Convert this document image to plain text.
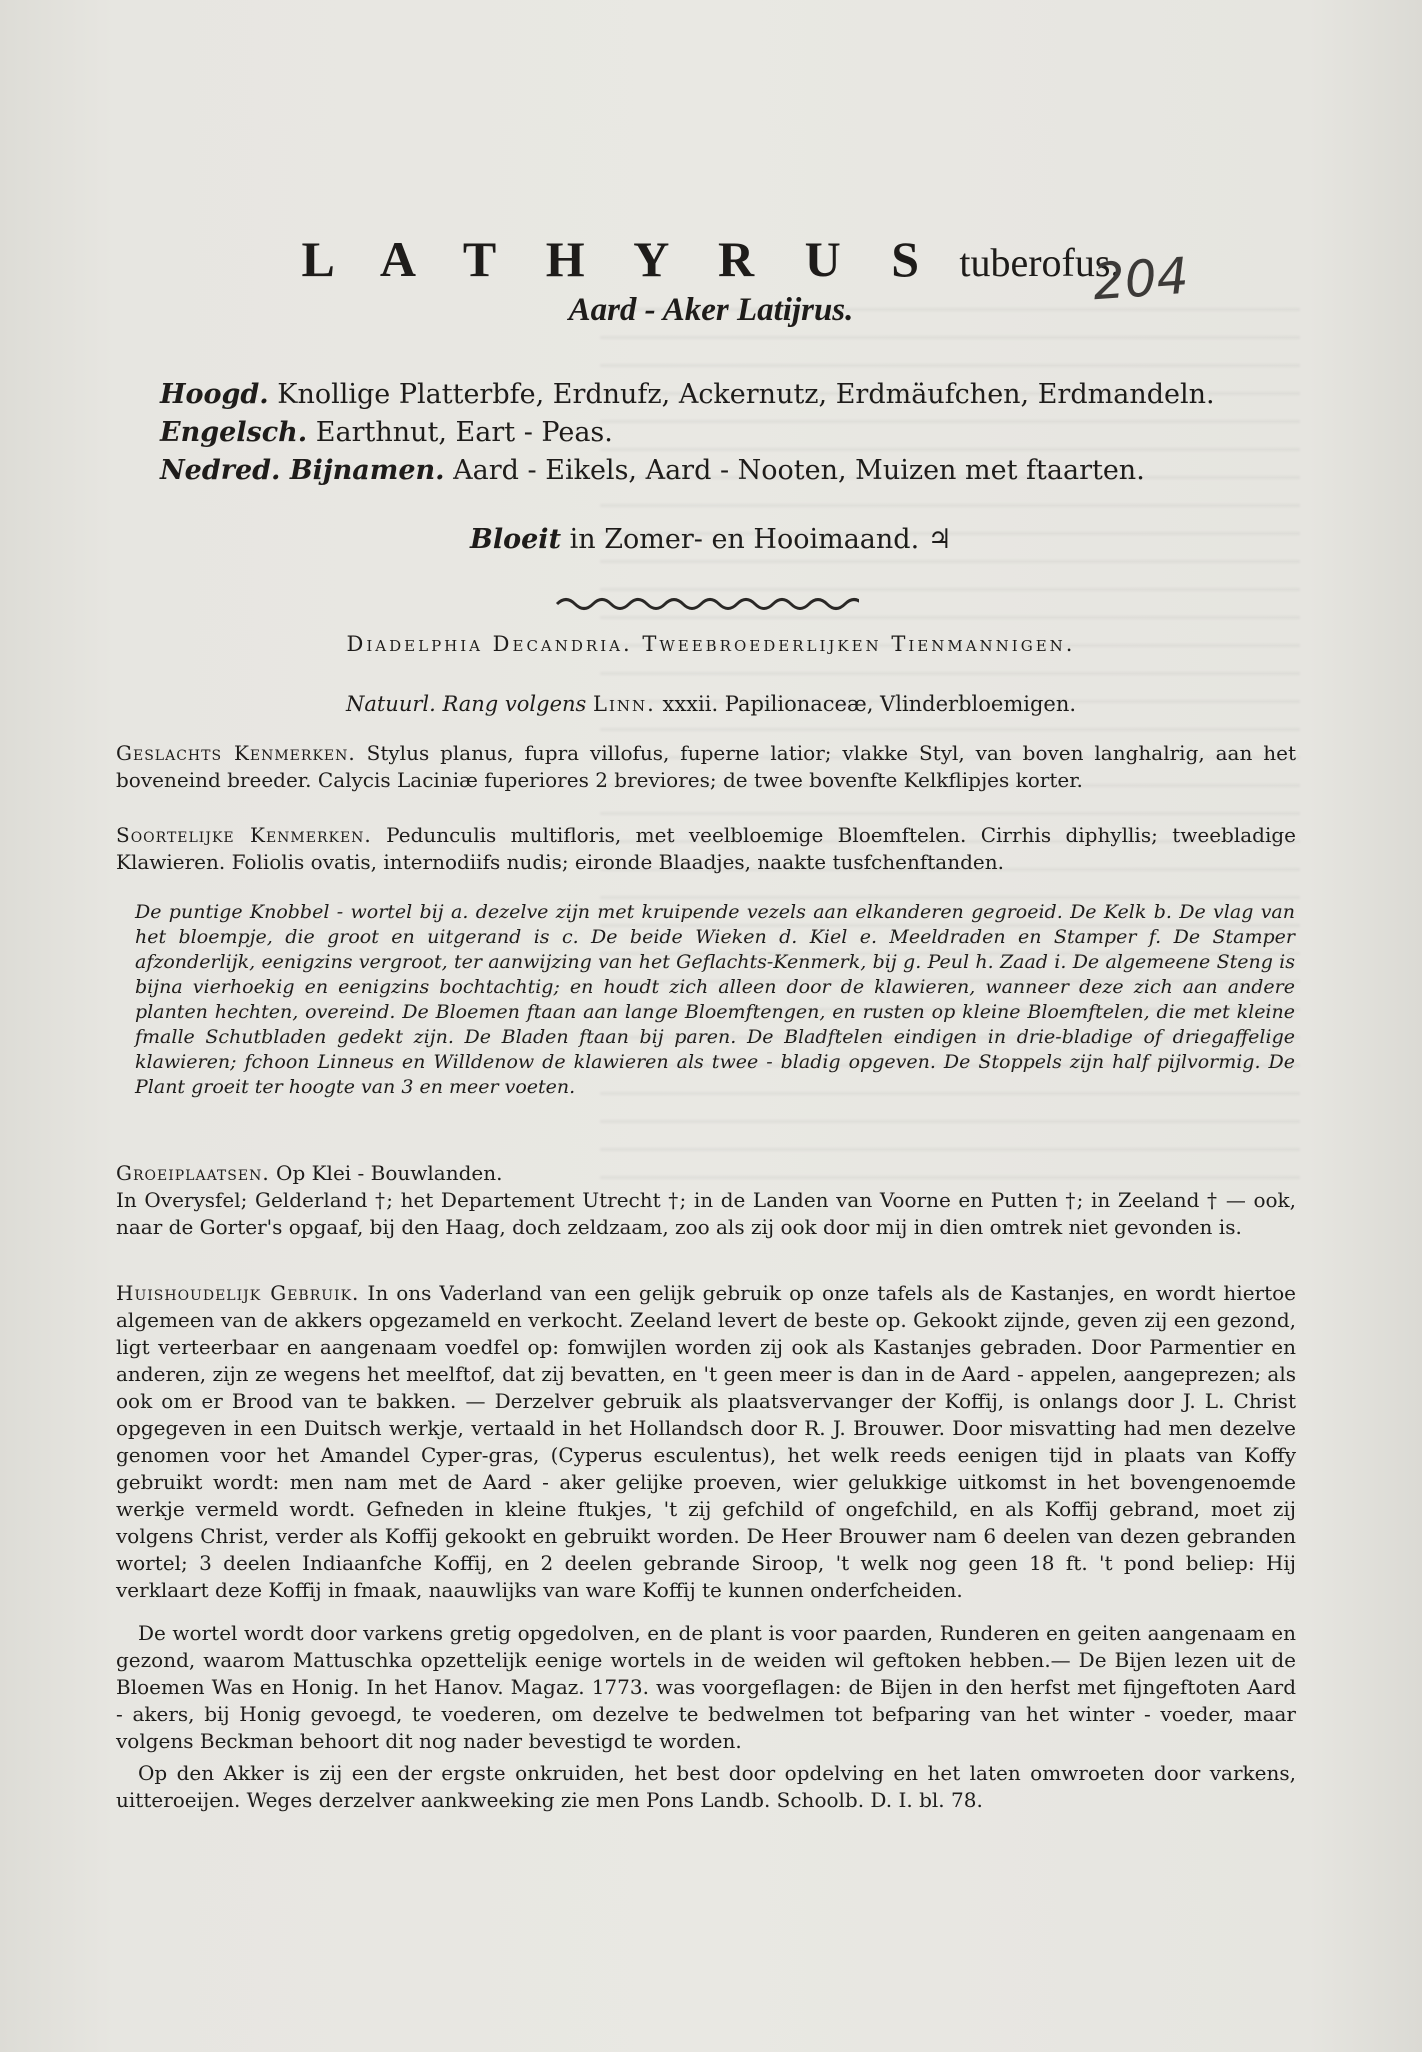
L A T H Y R U S tuberofus.
Aard - Aker Latijrus.	204
Hoogd. Knollige Platterbfe, Erdnufz, Ackernutz, Erdmäufchen, Erdmandeln.
Engelsch. Earthnut, Eart - Peas.
Nedred. Bijnamen. Aard - Eikels, Aard - Nooten, Muizen met ftaarten.
Bloeit in Zomer- en Hooimaand. ♃
Diadelphia Decandria. Tweebroederlijken Tienmannigen.
Natuurl. Rang volgens Linn. xxxii. Papilionaceæ, Vlinderbloemigen.
Geslachts Kenmerken. Stylus planus, fupra villofus, fuperne latior; vlakke Styl, van boven langhalrig, aan het boveneind breeder. Calycis Laciniæ fuperiores 2 breviores; de twee bovenfte Kelkflipjes korter.
Soortelijke Kenmerken. Pedunculis multifloris, met veelbloemige Bloemftelen. Cirrhis diphyllis; tweebladige Klawieren. Foliolis ovatis, internodiifs nudis; eironde Blaadjes, naakte tusfchenftanden.
De puntige Knobbel - wortel bij a. dezelve zijn met kruipende vezels aan elkanderen gegroeid. De Kelk b. De vlag van het bloempje, die groot en uitgerand is c. De beide Wieken d. Kiel e. Meeldraden en Stamper f. De Stamper afzonderlijk, eenigzins vergroot, ter aanwijzing van het Geflachts-Kenmerk, bij g. Peul h. Zaad i. De algemeene Steng is bijna vierhoekig en eenigzins bochtachtig; en houdt zich alleen door de klawieren, wanneer deze zich aan andere planten hechten, overeind. De Bloemen ftaan aan lange Bloemftengen, en rusten op kleine Bloemftelen, die met kleine fmalle Schutbladen gedekt zijn. De Bladen ftaan bij paren. De Bladftelen eindigen in drie-bladige of driegaffelige klawieren; fchoon Linneus en Willdenow de klawieren als twee - bladig opgeven. De Stoppels zijn half pijlvormig. De Plant groeit ter hoogte van 3 en meer voeten.

Groeiplaatsen. Op Klei - Bouwlanden.

In Overysfel; Gelderland †; het Departement Utrecht †; in de Landen van Voorne en Putten †; in Zeeland † — ook, naar de Gorter's opgaaf, bij den Haag, doch zeldzaam, zoo als zij ook door mij in dien omtrek niet gevonden is.

Huishoudelijk Gebruik. In ons Vaderland van een gelijk gebruik op onze tafels als de Kastanjes, en wordt hiertoe algemeen van de akkers opgezameld en verkocht. Zeeland levert de beste op. Gekookt zijnde, geven zij een gezond, ligt verteerbaar en aangenaam voedfel op: fomwijlen worden zij ook als Kastanjes gebraden. Door Parmentier en anderen, zijn ze wegens het meelftof, dat zij bevatten, en 't geen meer is dan in de Aard - appelen, aangeprezen; als ook om er Brood van te bakken. — Derzelver gebruik als plaatsvervanger der Koffij, is onlangs door J. L. Christ opgegeven in een Duitsch werkje, vertaald in het Hollandsch door R. J. Brouwer. Door misvatting had men dezelve genomen voor het Amandel Cyper-gras, (Cyperus esculentus), het welk reeds eenigen tijd in plaats van Koffy gebruikt wordt: men nam met de Aard - aker gelijke proeven, wier gelukkige uitkomst in het bovengenoemde werkje vermeld wordt. Gefneden in kleine ftukjes, 't zij gefchild of ongefchild, en als Koffij gebrand, moet zij volgens Christ, verder als Koffij gekookt en gebruikt worden. De Heer Brouwer nam 6 deelen van dezen gebranden wortel; 3 deelen Indiaanfche Koffij, en 2 deelen gebrande Siroop, 't welk nog geen 18 ft. 't pond beliep: Hij verklaart deze Koffij in fmaak, naauwlijks van ware Koffij te kunnen onderfcheiden.
De wortel wordt door varkens gretig opgedolven, en de plant is voor paarden, Runderen en geiten aangenaam en gezond, waarom Mattuschka opzettelijk eenige wortels in de weiden wil geftoken hebben.— De Bijen lezen uit de Bloemen Was en Honig. In het Hanov. Magaz. 1773. was voorgeflagen: de Bijen in den herfst met fijngeftoten Aard - akers, bij Honig gevoegd, te voederen, om dezelve te bedwelmen tot befparing van het winter - voeder, maar volgens Beckman behoort dit nog nader bevestigd te worden.
Op den Akker is zij een der ergste onkruiden, het best door opdelving en het laten omwroeten door varkens, uitteroeijen. Weges derzelver aankweeking zie men Pons Landb. Schoolb. D. I. bl. 78.
